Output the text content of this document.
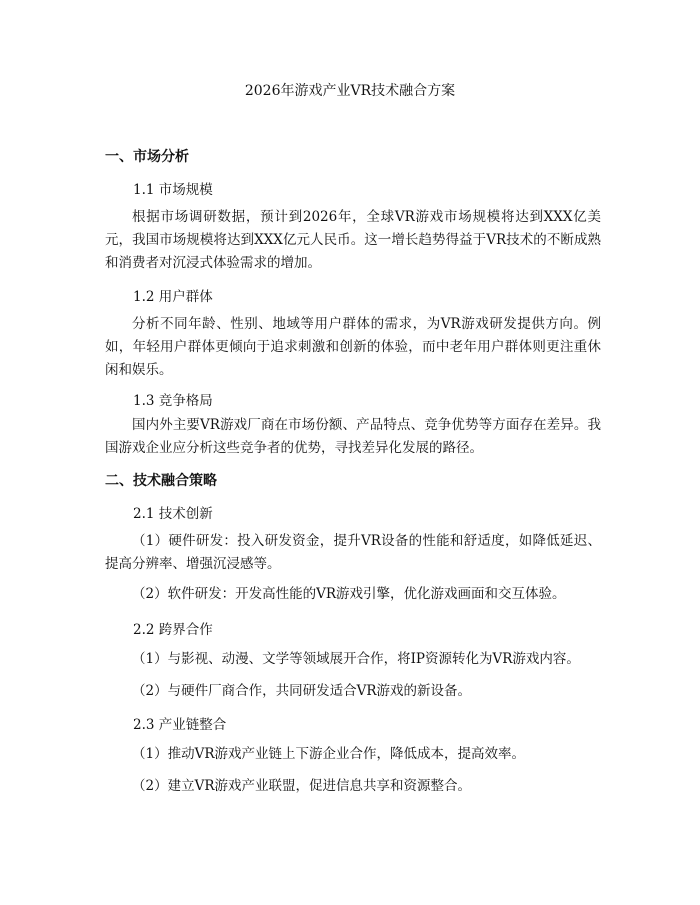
2026年游戏产业VR技术融合方案
一、市场分析
1.1 市场规模
根据市场调研数据，预计到2026年，全球VR游戏市场规模将达到XXX亿美元，我国市场规模将达到XXX亿元人民币。这一增长趋势得益于VR技术的不断成熟和消费者对沉浸式体验需求的增加。
1.2 用户群体
分析不同年龄、性别、地域等用户群体的需求，为VR游戏研发提供方向。例如，年轻用户群体更倾向于追求刺激和创新的体验，而中老年用户群体则更注重休闲和娱乐。
1.3 竞争格局
国内外主要VR游戏厂商在市场份额、产品特点、竞争优势等方面存在差异。我国游戏企业应分析这些竞争者的优势，寻找差异化发展的路径。
二、技术融合策略
2.1 技术创新
（1）硬件研发：投入研发资金，提升VR设备的性能和舒适度，如降低延迟、提高分辨率、增强沉浸感等。
（2）软件研发：开发高性能的VR游戏引擎，优化游戏画面和交互体验。
2.2 跨界合作
（1）与影视、动漫、文学等领域展开合作，将IP资源转化为VR游戏内容。
（2）与硬件厂商合作，共同研发适合VR游戏的新设备。
2.3 产业链整合
（1）推动VR游戏产业链上下游企业合作，降低成本，提高效率。
（2）建立VR游戏产业联盟，促进信息共享和资源整合。
